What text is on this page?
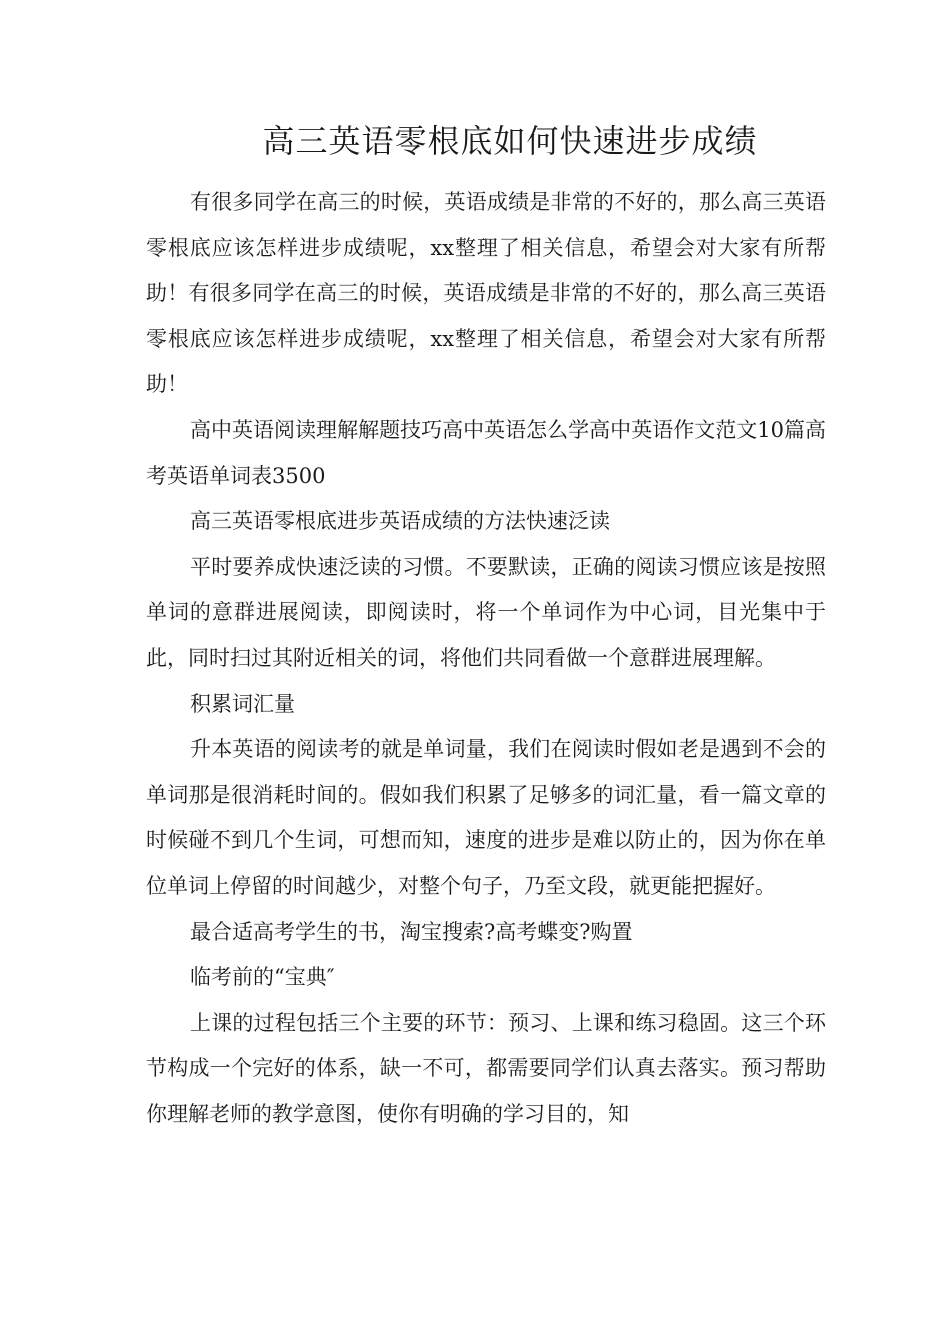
高三英语零根底如何快速进步成绩

有很多同学在高三的时候，英语成绩是非常的不好的，那么高三英语零根底应该怎样进步成绩呢，xx整理了相关信息，希望会对大家有所帮助！有很多同学在高三的时候，英语成绩是非常的不好的，那么高三英语零根底应该怎样进步成绩呢，xx整理了相关信息，希望会对大家有所帮助！

高中英语阅读理解解题技巧高中英语怎么学高中英语作文范文10篇高考英语单词表3500

高三英语零根底进步英语成绩的方法快速泛读

平时要养成快速泛读的习惯。不要默读，正确的阅读习惯应该是按照单词的意群进展阅读，即阅读时，将一个单词作为中心词，目光集中于此，同时扫过其附近相关的词，将他们共同看做一个意群进展理解。

积累词汇量

升本英语的阅读考的就是单词量，我们在阅读时假如老是遇到不会的单词那是很消耗时间的。假如我们积累了足够多的词汇量，看一篇文章的时候碰不到几个生词，可想而知，速度的进步是难以防止的，因为你在单位单词上停留的时间越少，对整个句子，乃至文段，就更能把握好。

最合适高考学生的书，淘宝搜索?高考蝶变?购置

临考前的“宝典″

上课的过程包括三个主要的环节：预习、上课和练习稳固。这三个环节构成一个完好的体系，缺一不可，都需要同学们认真去落实。预习帮助你理解老师的教学意图，使你有明确的学习目的，知
